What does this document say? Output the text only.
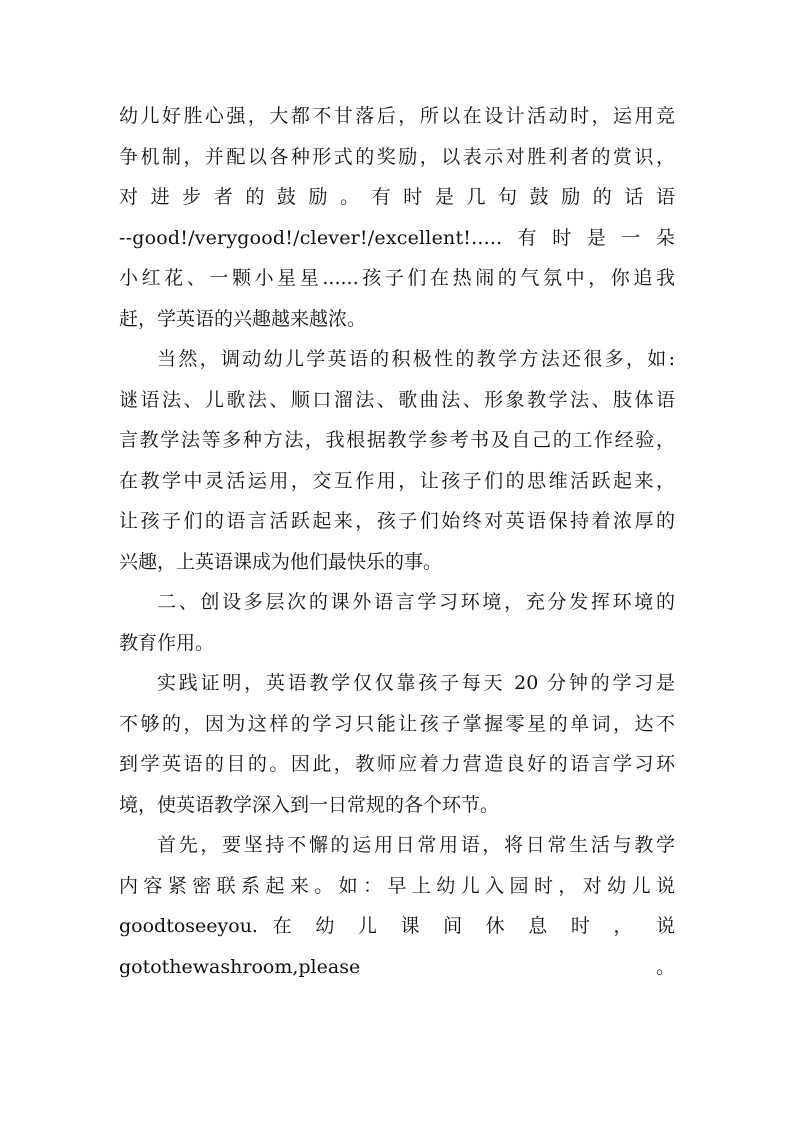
幼儿好胜心强，大都不甘落后，所以在设计活动时，运用竞
争机制，并配以各种形式的奖励，以表示对胜利者的赏识，
对 进 步 者 的 鼓 励 。 有 时 是 几 句 鼓 励 的 话 语
--good!/verygood!/clever!/excellent!.....有时是一朵
小红花、一颗小星星......孩子们在热闹的气氛中，你追我
赶，学英语的兴趣越来越浓。
当然，调动幼儿学英语的积极性的教学方法还很多，如:
谜语法、儿歌法、顺口溜法、歌曲法、形象教学法、肢体语
言教学法等多种方法，我根据教学参考书及自己的工作经验，
在教学中灵活运用，交互作用，让孩子们的思维活跃起来，
让孩子们的语言活跃起来，孩子们始终对英语保持着浓厚的
兴趣，上英语课成为他们最快乐的事。
二、创设多层次的课外语言学习环境，充分发挥环境的
教育作用。
实践证明，英语教学仅仅靠孩子每天 20 分钟的学习是
不够的，因为这样的学习只能让孩子掌握零星的单词，达不
到学英语的目的。因此，教师应着力营造良好的语言学习环
境，使英语教学深入到一日常规的各个环节。
首先，要坚持不懈的运用日常用语，将日常生活与教学
内容紧密联系起来。如：早上幼儿入园时，对幼儿说
goodtoseeyou. 在 幼 儿 课 间 休 息 时 ， 说
gotothewashroom,please 。
